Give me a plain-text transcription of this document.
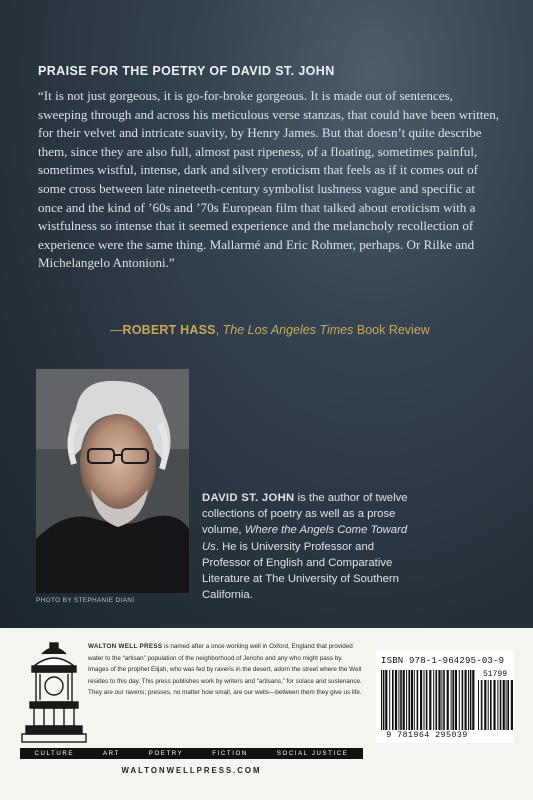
PRAISE FOR THE POETRY OF DAVID ST. JOHN

“It is not just gorgeous, it is go-for-broke gorgeous. It is made out of sentences, sweeping through and across his meticulous verse stanzas, that could have been written, for their velvet and intricate suavity, by Henry James. But that doesn’t quite describe them, since they are also full, almost past ripeness, of a floating, sometimes painful, sometimes wistful, intense, dark and silvery eroticism that feels as if it comes out of some cross between late nineteeth-century symbolist lushness vague and specific at once and the kind of ’60s and ’70s European film that talked about eroticism with a wistfulness so intense that it seemed experience and the melancholy recollection of experience were the same thing. Mallarmé and Eric Rohmer, perhaps. Or Rilke and Michelangelo Antonioni.”

—ROBERT HASS, The Los Angeles Times Book Review
PHOTO BY STEPHANIE DIANI

DAVID ST. JOHN is the author of twelve collections of poetry as well as a prose volume, Where the Angels Come Toward Us. He is University Professor and Professor of English and Comparative Literature at The University of Southern California.

WALTON WELL PRESS is named after a once working well in Oxford, England that provided water to the “artisan” population of the neighborhood of Jericho and any who might pass by. Images of the prophet Elijah, who was fed by ravens in the desert, adorn the street where the Well resides to this day. This press publishes work by writers and “artisans,” for solace and sustenance. They are our ravens; presses, no matter how small, are our wells—between them they give us life.

CULTURE	ART	POETRY	FICTION	SOCIAL JUSTICE
WALTONWELLPRESS.COM
ISBN 978-1-964295-03-9
51799
9 781964 295039
